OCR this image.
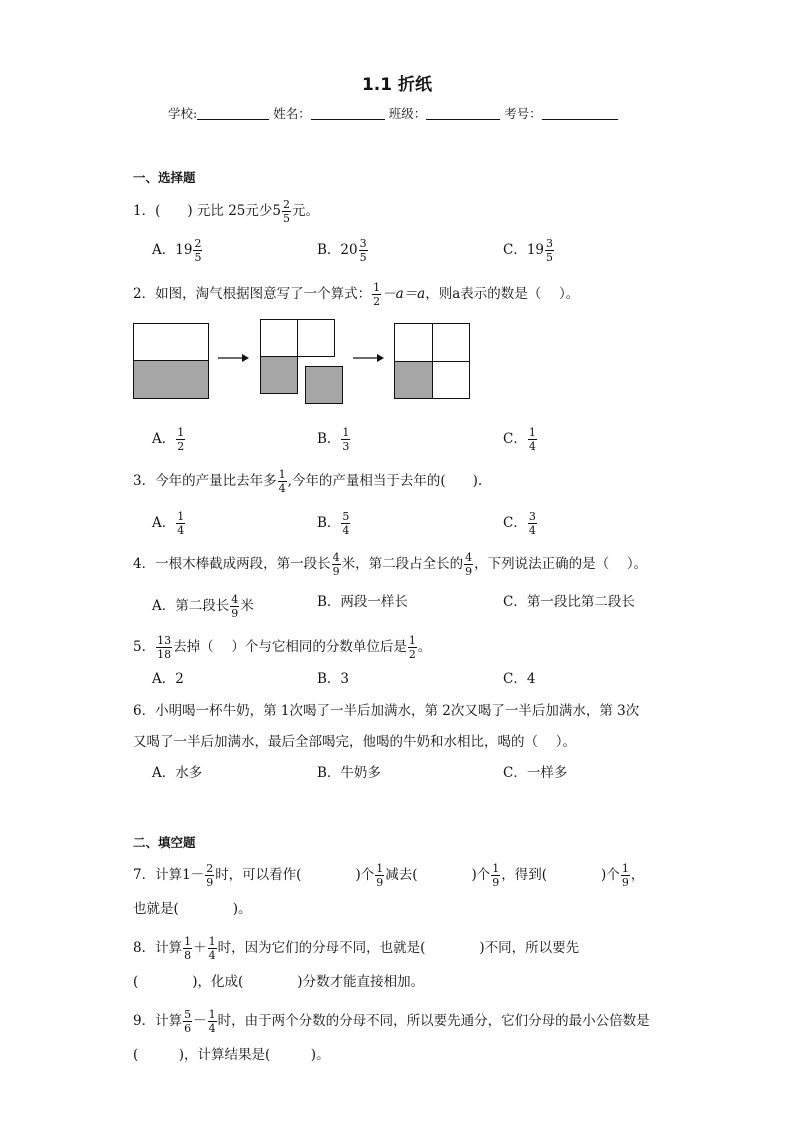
1.1 折纸
学校:	姓名：	班级：	考号：
一、选择题
1．(　　) 元比 25元少$5 \frac{2}{5}$ 元。
A．$19 \frac{2}{5}$	B．$20 \frac{3}{5}$	C．$19 \frac{3}{5}$
2．如图，淘气根据图意写了一个算式： $\frac{1}{2} -a=a$，则a表示的数是（　 ）。
A． $\frac{1}{2}$	B． $\frac{1}{3}$	C． $\frac{1}{4}$
3．今年的产量比去年多 $\frac{1}{4}$ ,今年的产量相当于去年的(　　).
A． $\frac{1}{4}$	B． $\frac{5}{4}$	C． $\frac{3}{4}$
4．一根木棒截成两段，第一段长 $\frac{4}{9}$ 米，第二段占全长的 $\frac{4}{9}$ ，下列说法正确的是（　 ）。
A．第二段长 $\frac{4}{9}$ 米	B．两段一样长	C．第一段比第二段长
5． $\frac{13}{18}$ 去掉（　 ）个与它相同的分数单位后是 $\frac{1}{2}$ 。
A．2	B．3	C．4
6．小明喝一杯牛奶，第 1次喝了一半后加满水，第 2次又喝了一半后加满水，第 3次
又喝了一半后加满水，最后全部喝完，他喝的牛奶和水相比，喝的（　 ）。
A．水多	B．牛奶多	C．一样多
二、填空题
7．计算$1- \frac{2}{9}$ 时，可以看作(　　　　)个 $\frac{1}{9}$ 减去(　　　　)个 $\frac{1}{9}$ ，得到(　　　　)个 $\frac{1}{9}$ ，
也就是(　　　　)。
8．计算 $\frac{1}{8} + \frac{1}{4}$ 时，因为它们的分母不同，也就是(　　　　)不同，所以要先
(　　　　)，化成(　　　　)分数才能直接相加。
9．计算 $\frac{5}{6} - \frac{1}{4}$ 时，由于两个分数的分母不同，所以要先通分，它们分母的最小公倍数是
(　　　)，计算结果是(　　　)。
